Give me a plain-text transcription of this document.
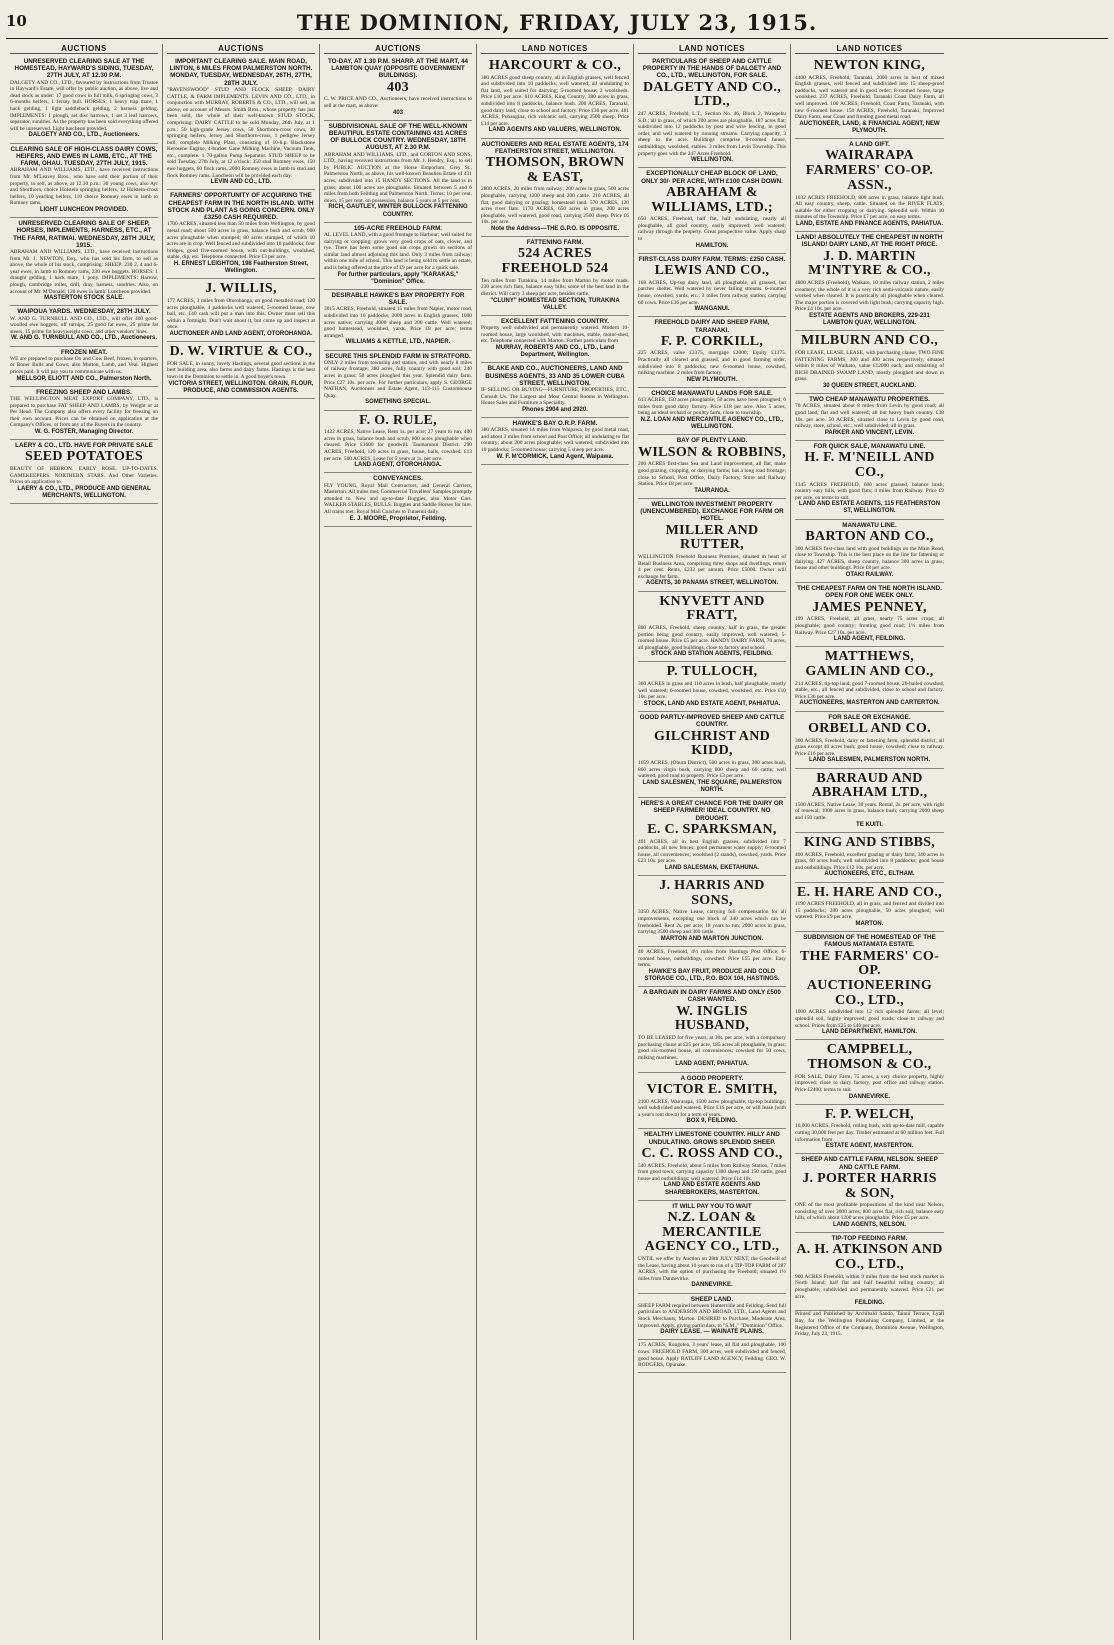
10	THE DOMINION, FRIDAY, JULY 23, 1915.
AUCTIONS
UNRESERVED CLEARING SALE AT THE HOMESTEAD, HAYWARD'S SIDING, TUESDAY, 27TH JULY, AT 12.30 P.M.
DALGETY AND CO., LTD., favoured by instructions from Trustee in Hayward's Estate, will offer by public auction, as above, live and dead stock as under: 17 good cows in full milk, 6 springing cows, 3 6-months heifers, 1 Jersey bull. HORSES: 1 heavy trap mare, 1 hack gelding, 1 light saddleback gelding, 2 harness gelding. IMPLEMENTS: 1 plough, set disc harrows, 1 set 3 leaf harrows, separator, sundries. As the property has been sold everything offered will be unreserved. Light luncheon provided.
DALGETY AND CO., LTD., Auctioneers.
CLEARING SALE OF HIGH-CLASS DAIRY COWS, HEIFERS, AND EWES IN LAMB, ETC., AT THE FARM, OHAU. TUESDAY, 27TH JULY, 1915.
ABRAHAM AND WILLIAMS, LTD., have received instructions from Mr. M'Leavey Bros., who have sold their portion of their property, to sell, as above, at 12.30 p.m.: 30 young cows, also Ayr and Shorthorn, choice Holstein springing heifers, 12 Holstein-cross heifers, 10 yearling heifers, 110 choice Romney ewes in lamb to Romney rams.
LIGHT LUNCHEON PROVIDED.
UNRESERVED CLEARING SALE OF SHEEP, HORSES, IMPLEMENTS, HARNESS, ETC., AT THE FARM, RATIMAI. WEDNESDAY, 28TH JULY, 1915.
ABRAHAM AND WILLIAMS, LTD., have received instructions from Mr. J. NEWTON, Esq., who has sold his farm, to sell as above, the whole of his stock, comprising: SHEEP: 230 2, 4 and 6-year ewes, in lamb to Romney rams, 230 ewe hoggets. HORSES: 1 draught gelding, 1 hack mare, 1 pony. IMPLEMENTS: Harrow, plough, cambridge roller, drill, dray, harness, sundries. Also, on account of Mr. M'Donald, 120 ewes in lamb. Luncheon provided.
MASTERTON STOCK SALE.
WAIPOUA YARDS. WEDNESDAY, 28TH JULY.
W. AND G. TURNBULL AND CO., LTD., will offer 400 good-woolled ewe hoggets, off turnips, 25 good fat ewes, 25 prime fat steers, 15 prime fat heavyweight cows, and other vendors' lines.
W. AND G. TURNBULL AND CO., LTD., Auctioneers.
FROZEN MEAT.
WE are prepared to purchase Ox and Cow Beef, frozen, in quarters, or Boner Bulls and Cows; also Mutton, Lamb, and Veal. Highest prices paid. It will pay you to communicate with us.
MELLSOP, ELIOTT AND CO., Palmerston North.
FREEZING SHEEP AND LAMBS.
THE WELLINGTON MEAT EXPORT COMPANY, LTD., is prepared to purchase FAT SHEEP AND LAMBS, by Weight or at Per Head. The Company also offers every facility for freezing on their own account. Prices can be obtained on application at the Company's Offices, or from any of the Buyers in the country.
W. G. FOSTER, Managing Director.
LAERY & CO., LTD. HAVE FOR PRIVATE SALE
SEED POTATOES
BEAUTY OF HEBRON. EARLY ROSE. UP-TO-DATES. GAMEKEEPERS. NORTHERN STARS. And Other Varieties. Prices on application to
LAERY & CO., LTD., PRODUCE AND GENERAL MERCHANTS, WELLINGTON.
AUCTIONS
IMPORTANT CLEARING SALE. MAIN ROAD, LINTON, 6 MILES FROM PALMERSTON NORTH. MONDAY, TUESDAY, WEDNESDAY, 26TH, 27TH, 28TH JULY.
"RAVENSWOOD" STUD AND FLOCK SHEEP, DAIRY CATTLE, & FARM IMPLEMENTS. LEVIN AND CO., LTD., in conjunction with MURRAY, ROBERTS & CO., LTD., will sell, as above, on account of Messrs. Smith Bros., whose property has just been sold, the whole of their well-known STUD STOCK, comprising: DAIRY CATTLE to be sold Monday, 26th July, at 1 p.m.: 50 high-grade Jersey cows, 50 Shorthorn-cross cows, 30 springing heifers, Jersey and Shorthorn-cross, 1 pedigree Jersey bull, complete Milking Plant, consisting of 10-h.p. Blackstone Kerosene Engine, 4-bucket Gane Milking Machine, Vacuum Tank, etc., complete. 1 70-gallon Pump Separator. STUD SHEEP to be sold Tuesday, 27th July, at 12 o'clock: 350 stud Romney ewes, 150 ewe hoggets, 60 flock rams, 2000 Romney ewes in lamb to stud and flock Romney rams. Luncheon will be provided each day.
LEVIN AND CO., LTD.
FARMERS' OPPORTUNITY OF ACQUIRING THE CHEAPEST FARM IN THE NORTH ISLAND. WITH STOCK AND PLANT AS GOING CONCERN. ONLY £3250 CASH REQUIRED.
1700 ACRES, situated less than 50 miles from Wellington, by good metal road; about 500 acres in grass, balance bush and scrub, 900 acres ploughable when stumped; 80 acres stumped, of which 10 acres are in crop. Well fenced and subdivided into 10 paddocks; four bridges, good five-roomed house, with out-buildings, woolshed, stable, dip, etc. Telephone connected. Price £3 per acre.
H. ERNEST LEIGHTON, 198 Featherston Street, Wellington.
J. WILLIS,
177 ACRES, 3 miles from Otorohanga, on good metalled road; 120 acres ploughable, 4 paddocks well watered, 5-roomed house, cow bail, etc. £40 cash will put a man into this. Owner must sell this within a fortnight. Don't wait about it, but come up and inspect at once.
AUCTIONEER AND LAND AGENT, OTOROHANGA.
D. W. VIRTUE & CO.,
FOR SALE, in sunny, lovely Hastings, several good sections in the best building area, also farms and dairy farms. Hastings is the best town in the Dominion to settle in. A good buyer's town.
VICTORIA STREET, WELLINGTON. GRAIN, FLOUR, PRODUCE, AND COMMISSION AGENTS.
AUCTIONS
TO-DAY, AT 1.30 P.M. SHARP. AT THE MART, 44 LAMBTON QUAY (OPPOSITE GOVERNMENT BUILDINGS).
403
C. W. PRICE AND CO., Auctioneers, have received instructions to sell at the mart, as above:
403
SUBDIVISIONAL SALE OF THE WELL-KNOWN BEAUTIFUL ESTATE CONTAINING 431 ACRES OF BULLOCK COUNTRY. WEDNESDAY, 18TH AUGUST, AT 2.30 P.M.
ABRAHAM AND WILLIAMS, LTD., and GORTON AND SONS, LTD., having received instructions from Mr. J. Hendry, Esq., to sell by PUBLIC AUCTION at the Horse Emporium, Grey St., Palmerston North, as above, his well-known Beaulieu Estate of 431 acres, subdivided into 15 HANDY SECTIONS. All the land is in grass; about 100 acres are ploughable. Situated between 5 and 6 miles from both Feilding and Palmerston North. Terms: 10 per cent. down, 15 per cent. on possession, balance 5 years at 5 per cent.
RICH, GAUTLEY, WINTER BULLOCK FATTENING COUNTRY.
105-ACRE FREEHOLD FARM.
AL LEVEL LAND, with a good frontage to Harbour; well suited for dairying or cropping; grows very good crops of oats, clover, and rye. There has been some good oat crops grown on sections of similar land almost adjoining this land. Only 3 miles from railway; within one mile of school. This land is being sold to settle an estate, and is being offered at the price of £9 per acre for a quick sale.
For further particulars, apply "KARAKAS," "Dominion" Office.
DESIRABLE HAWKE'S BAY PROPERTY FOR SALE.
3015 ACRES, Freehold, situated 15 miles from Napier, motor road, subdivided into 10 paddocks; 2000 acres in English grasses, 1000 acres native; carrying 4000 sheep and 200 cattle. Well watered; good homestead, woolshed, yards. Price £8 per acre; terms arranged.
WILLIAMS & KETTLE, LTD., NAPIER.
SECURE THIS SPLENDID FARM IN STRATFORD.
ONLY 2 miles from township and station, and with nearly 8 miles of railway frontage; 380 acres, fully country with good soil; 240 acres in grass; 50 acres ploughed this year. Splendid dairy farm. Price £27 10s. per acre. For further particulars, apply S. GEORGE NATHAN, Auctioneer and Estate Agent, 113-115 Customhouse Quay.
SOMETHING SPECIAL.
F. O. RULE,
1422 ACRES, Native Lease, Rent 1s. per acre; 27 years to run; 400 acres in grass, balance bush and scrub, 800 acres ploughable when cleared. Price £1600 for goodwill. Taumarunui District. 290 ACRES, Freehold, 120 acres in grass, house, bails, cowshed. £13 per acre. 500 ACRES, Lease for 5 years at 1s. per acre.
LAND AGENT, OTOROHANGA.
CONVEYANCES.
FLY YOUNG, Royal Mail Contractors, and General Carriers, Masterton. All trains met. Commercial Travellers' Samples promptly attended to. New and up-to-date Buggies, also Motor Cars. WALKER STABLES, BULLS. Buggies and Saddle Horses for hire. All trains met. Royal Mail Coaches to Tutaenui daily.
E. J. MOORE, Proprietor, Feilding.
LAND NOTICES
HARCOURT & CO.,
380 ACRES good sheep country, all in English grasses, well fenced and subdivided into 10 paddocks; well watered; all undulating to flat land, well suited for dairying; 5-roomed house; 2 woolsheds. Price £10 per acre. 610 ACRES, King Country, 380 acres in grass, subdivided into 8 paddocks, balance bush. 200 ACRES, Taranaki, good dairy land, close to school and factory. Price £30 per acre. 481 ACRES, Pohangina, rich volcanic soil, carrying 2500 sheep. Price £14 per acre.
LAND AGENTS AND VALUERS, WELLINGTON.
AUCTIONEERS AND REAL ESTATE AGENTS, 174 FEATHERSTON STREET, WELLINGTON.
THOMSON, BROWN & EAST,
2800 ACRES, 20 miles from railway; 200 acres in grass, 500 acres ploughable, carrying 1200 sheep and 200 cattle. 210 ACRES, all flat, good dairying or grazing; homestead land. 570 ACRES, 120 acres river flats. 1170 ACRES, 650 acres in grass, 200 acres ploughable, well watered, good road, carrying 2500 sheep. Price £6 10s. per acre.
Note the Address—THE G.P.O. IS OPPOSITE.
FATTENING FARM.
524 ACRES FREEHOLD 524
Ten miles from Turakina, 14 miles from Marton by motor roads. 230 acres rich flats, balance easy hills; some of the best land in the district. Will carry 3 sheep per acre, besides cattle.
"CLUNY" HOMESTEAD SECTION, TURAKINA VALLEY.
EXCELLENT FATTENING COUNTRY.
Property well subdivided and permanently watered. Modern 10-roomed house, large woolshed, with machines, stable, motor-shed, etc. Telephone connected with Marton. Further particulars from
MURRAY, ROBERTS AND CO., LTD., Land Department, Wellington.
BLAKE AND CO., AUCTIONEERS, LAND AND BUSINESS AGENTS, 33 AND 35 LOWER CUBA STREET, WELLINGTON.
IF SELLING OR BUYING—FURNITURE, PROPERTIES, ETC., Consult Us. The Largest and Most Central Rooms in Wellington. House Sales and Furniture a Speciality.
Phones 2904 and 2920.
HAWKE'S BAY O.R.P. FARM.
380 ACRES, situated 14 miles from Waipawa, by good metal road, and about 3 miles from school and Post Office; all undulating to flat country; about 200 acres ploughable; well watered; subdivided into 10 paddocks; 5-roomed house; carrying 5 sheep per acre.
W. F. M'CORMICK, Land Agent, Waipawa.
LAND NOTICES
PARTICULARS OF SHEEP AND CATTLE PROPERTY IN THE HANDS OF DALGETY AND CO., LTD., WELLINGTON, FOR SALE.
DALGETY AND CO., LTD.,
247 ACRES, Freehold, L.T., Section No. 46, Block 2, Waiopehu S.D.; all in grass, of which 200 acres are ploughable, 187 acres flat; subdivided into 12 paddocks by post and wire fencing, in good order, and well watered by running streams. Carrying capacity, 3 sheep to the acre. Buildings comprise 8-roomed house, outbuildings, woolshed, stables. 3 miles from Levin Township. This property goes with the 247 Acres Freehold.
WELLINGTON.
EXCEPTIONALLY CHEAP BLOCK OF LAND, ONLY 30/- PER ACRE, WITH £100 CASH DOWN.
ABRAHAM & WILLIAMS, LTD.;
650 ACRES, Freehold, half flat, half undulating, nearly all ploughable, all good country, easily improved; well watered; railway through the property. Great prospective value. Apply sharp to
HAMILTON.
FIRST-CLASS DAIRY FARM. TERMS: £250 CASH.
LEWIS AND CO.,
168 ACRES, Up-top dairy land, all ploughable, all grassed, but patches shelter. Well watered by never failing streams. 6-roomed house, cowshed, yards, etc.; 3 miles from railway station; carrying 60 cows. Price £36 per acre.
WANGANUI.
FREEHOLD DAIRY AND SHEEP FARM, TARANAKI.
F. P. CORKILL,
225 ACRES, value £3375, mortgage £2000; Equity £1375. Practically all cleared and grassed, and in good farming order, subdivided into 8 paddocks; new 6-roomed house, cowshed, milking machine. 2 miles from factory.
NEW PLYMOUTH.
CHOICE MANAWATU LANDS FOR SALE.
613 ACRES, 150 acres ploughable, 50 acres have been ploughed; 6 miles from good dairy factory. Price £18 per acre. Also 5 acres, being an ideal orchard or poultry farm, close to township.
N.Z. LOAN AND MERCANTILE AGENCY CO., LTD., WELLINGTON.
BAY OF PLENTY LAND.
WILSON & ROBBINS,
200 ACRES first-class Sea and Land improvement, all flat, make good grazing, cropping, or dairying farms; has a long road frontage; close to School, Post Office, Dairy Factory, Store and Railway Station. Price £8 per acre.
TAURANGA.
WELLINGTON INVESTMENT PROPERTY (UNENCUMBERED). EXCHANGE FOR FARM OR HOTEL.
MILLER AND RUTTER,
WELLINGTON Freehold Business Premises, situated in heart of Retail Business Area, comprising three shops and dwellings, return 4 per cent. Rents, £232 per annum. Price £5000. Owner will exchange for farm.
AGENTS, 30 PANAMA STREET, WELLINGTON.
KNYVETT AND FRATT,
800 ACRES, Freehold, sheep country, half in grass, the greater portion being good country, easily improved, well watered; 5-roomed house. Price £5 per acre. HANDY DAIRY FARM, 70 acres, all ploughable, good buildings, close to factory and school.
STOCK AND STATION AGENTS, FEILDING.
P. TULLOCH,
360 ACRES in grass and 110 acres in bush, half ploughable, mostly well watered; 6-roomed house, cowshed, woolshed, etc. Price £10 10s. per acre.
STOCK, LAND AND ESTATE AGENT, PAHIATUA.
GOOD PARTLY-IMPROVED SHEEP AND CATTLE COUNTRY.
GILCHRIST AND KIDD,
1659 ACRES, (Ohura District), 500 acres in grass, 300 acres bush, 860 acres virgin bush, carrying 800 sheep and 60 cattle; well watered, good road to property. Price £3 per acre.
LAND SALESMEN, THE SQUARE, PALMERSTON NORTH.
HERE'S A GREAT CHANCE FOR THE DAIRY OR SHEEP FARMER! IDEAL COUNTRY. NO DROUGHT.
E. C. SPARKSMAN,
401 ACRES, all in best English grasses, subdivided into 7 paddocks, all new fences; good permanent water supply; 6-roomed house, all conveniences; woolshed (2 stands), cowshed, yards. Price £23 10s. per acre.
LAND SALESMAN, EKETAHUNA.
J. HARRIS AND SONS,
3350 ACRES, Native Lease, carrying full compensation for all improvements, excepting one block of 340 acres which can be freeholded. Rent 2s. per acre; 18 years to run; 2000 acres in grass, carrying 3500 sheep and 300 cattle.
MARTON AND MARTON JUNCTION.
40 ACRES, Freehold, 4½ miles from Hastings Post Office; 6-roomed house, outbuildings, cowshed. Price £55 per acre. Easy terms.
HAWKE'S BAY FRUIT, PRODUCE AND COLD STORAGE CO., LTD., P.O. BOX 104, HASTINGS.
A BARGAIN IN DAIRY FARMS AND ONLY £500 CASH WANTED.
W. INGLIS HUSBAND,
TO BE LEASED for five years, at 30s. per acre, with a compulsory purchasing clause at £25 per acre, 185 acres all ploughable, in grass; good six-roomed house, all conveniences; cowshed for 50 cows, milking machines.
LAND AGENT, PAHIATUA.
A GOOD PROPERTY.
VICTOR E. SMITH,
2100 ACRES, Wairarapa, 1500 acres ploughable; tip-top buildings; well subdivided and watered. Price £16 per acre, or will lease (with a year's rent down) for a term of years.
BOX 9, FEILDING.
HEALTHY LIMESTONE COUNTRY. HILLY AND UNDULATING. GROWS SPLENDID SHEEP.
C. C. ROSS AND CO.,
540 ACRES, Freehold, about 5 miles from Railway Station, 7 miles from good town; carrying capacity 1300 sheep and 150 cattle; good house and outbuildings; well watered. Price £14 10s.
LAND AND ESTATE AGENTS AND SHAREBROKERS, MASTERTON.
IT WILL PAY YOU TO WAIT
N.Z. LOAN & MERCANTILE AGENCY CO., LTD.,
UNTIL we offer by Auction on 28th JULY NEXT, the Goodwill of the Lease, having about 10 years to run of a TIP-TOP FARM of 287 ACRES, with the option of purchasing the Freehold; situated 1½ miles from Dannevirke.
DANNEVIRKE.
SHEEP LAND.
SHEEP FARM required between Hunterville and Feilding. Send full particulars to ANDERSON AND BROAD, LTD., Land Agents and Stock Merchants, Marton. DESIRED to Purchase, Moderate Area, improved. Apply, giving particulars, to "S.M.," "Dominion" Office.
DAIRY LEASE. — WAINATE PLAINS.
175 ACRES, Rongotea, 3 years' lease, all flat and ploughable, 100 cows. FREEHOLD FARM, 300 acres, well subdivided and fenced, good house. Apply RATLIFF LAND AGENCY, Feilding. GEO. W. RODGERS, Opunake.
LAND NOTICES
NEWTON KING,
4400 ACRES, Freehold, Taranaki, 2000 acres in best of mixed English grasses, well fenced and subdivided into 15 sheep-proof paddocks, well watered and in good order; 8-roomed house, large woolshed. 237 ACRES, Freehold, Taranaki Coast Dairy Farm, all well improved. 100 ACRES, Freehold, Coast Farm, Taranaki, with new 6-roomed house. 150 ACRES, Freehold, Taranaki, Improved Dairy Farm, near Coast and fronting good metal road.
AUCTIONEER, LAND, & FINANCIAL AGENT, NEW PLYMOUTH.
A LAND GIFT.
WAIRARAPA FARMERS' CO-OP. ASSN.,
1032 ACRES FREEHOLD, 800 acres in grass, balance light bush. All easy country, sheep, cattle. Situated on the RIVER FLATS, suitable for either cropping or dairying. Splendid soil. Within 10 minutes of the Township. Price £7 per acre, on easy terms.
LAND, ESTATE AND FINANCE AGENTS, PAHIATUA.
LAND! ABSOLUTELY THE CHEAPEST IN NORTH ISLAND! DAIRY LAND, AT THE RIGHT PRICE.
J. D. MARTIN M'INTYRE & CO.,
4800 ACRES (Freehold), Waikato, 10 miles railway station, 2 miles creamery; the whole of it is a very rich semi-volcanic nature, easily worked when cleared. It is practically all ploughable when cleared. The major portion is covered with light bush; carrying capacity high. Price £4 10s. per acre.
ESTATE AGENTS AND BROKERS, 229-231 LAMBTON QUAY, WELLINGTON.
MILBURN AND CO.,
FOR LEASE, LEASE, LEASE, with purchasing clause, TWO FINE FATTENING FARMS, 300 and 400 acres respectively, situated within 8 miles of Waikato, value £12000 each, and consisting of RICH DRAINED SWAMP LAND, mostly ploughed and down in grass.
30 QUEEN STREET, AUCKLAND.
TWO CHEAP MANAWATU PROPERTIES.
70 ACRES, situated about 8 miles from Levin by good road; all good land, flat and well watered; all but heavy bush country. £38 10s. per acre. 50 ACRES, situated close to Levin by good road, railway, store, school, etc.; well subdivided; all in grass.
PARKER AND VINCENT, LEVIN.
FOR QUICK SALE, MANAWATU LINE.
H. F. M'NEILL AND CO.,
1345 ACRES FREEHOLD, 600 acres grassed, balance bush; country easy hills, with good flats; 4 miles from Railway. Price £9 per acre, on terms to suit.
LAND AND ESTATE AGENTS, 115 FEATHERSTON ST, WELLINGTON.
MANAWATU LINE.
BARTON AND CO.,
300 ACRES first-class land with good buildings on the Main Road, close to Township. This is the best place on the line for fattening or dairying. 427 ACRES, sheep country, balance 300 acres in grass; house and other buildings. Price £8 per acre.
OTAKI RAILWAY.
THE CHEAPEST FARM ON THE NORTH ISLAND. OPEN FOR ONE WEEK ONLY.
JAMES PENNEY,
199 ACRES, Freehold, all grass, nearly 75 acres crops; all ploughable; good country; fronting good road; 1½ miles from Railway. Price £27 10s. per acre.
LAND AGENT, FEILDING.
MATTHEWS, GAMLIN AND CO.,
214 ACRES, tip-top land, good 7-roomed house, 20-bailed cowshed, stable, etc., all fenced and subdivided, close to school and factory. Price £36 per acre.
AUCTIONEERS, MASTERTON AND CARTERTON.
FOR SALE OR EXCHANGE.
ORBELL AND CO.
300 ACRES, Freehold, dairy or fattening farm, splendid district, all grass except 40 acres bush; good house, cowshed; close to railway. Price £16 per acre.
LAND SALESMEN, PALMERSTON NORTH.
BARRAUD AND ABRAHAM LTD.,
1500 ACRES, Native Lease, 30 years. Rental, 2s. per acre, with right of renewal; 1000 acres in grass, balance bush; carrying 2000 sheep and 150 cattle.
TE KUITI.
KING AND STIBBS,
400 ACRES, Freehold, excellent grazing or dairy farm, 340 acres in grass, 60 acres bush; well subdivided into 8 paddocks; good house and outbuildings. Price £12 10s. per acre.
AUCTIONEERS, ETC., ELTHAM.
E. H. HARE AND CO.,
1190 ACRES FREEHOLD, all in grass, and fenced and divided into 15 paddocks; 200 acres ploughable, 50 acres ploughed; well watered. Price £9 per acre.
MARTON.
SUBDIVISION OF THE HOMESTEAD OF THE FAMOUS MATAMATA ESTATE.
THE FARMERS' CO-OP. AUCTIONEERING CO., LTD.,
1000 ACRES subdivided into 12 rich splendid farms; all level; splendid soil, highly improved; good roads; close to railway and school. Prices from £25 to £40 per acre.
LAND DEPARTMENT, HAMILTON.
CAMPBELL, THOMSON & CO.,
FOR SALE, Dairy Farm, 75 acres, a very choice property, highly improved; close to dairy factory, post office and railway station. Price £2400; terms to suit.
DANNEVIRKE.
F. P. WELCH,
16,000 ACRES, Freehold, rolling bush, with up-to-date mill, capable cutting 30,000 feet per day. Timber estimated at 60 million feet. Full information from
ESTATE AGENT, MASTERTON.
SHEEP AND CATTLE FARM, NELSON. SHEEP AND CATTLE FARM.
J. PORTER HARRIS & SON,
ONE of the most profitable propositions of the kind near Nelson, consisting of over 3000 acres, 800 acres flat, rich soil, balance easy hills, of which about 1200 acres ploughable. Price £5 per acre.
LAND AGENTS, NELSON.
TIP-TOP FEEDING FARM.
A. H. ATKINSON AND CO., LTD.,
900 ACRES Freehold, within 9 miles from the best stock market in North Island; half flat and half beautiful rolling country; all ploughable; subdivided and permanently watered. Price £21 per acre.
FEILDING.
Printed and Published by Archibald Sando, Tainui Terrace, Lyall Bay, for the Wellington Publishing Company, Limited, at the Registered Office of the Company, Dominion Avenue, Wellington, Friday, July 23, 1915.
